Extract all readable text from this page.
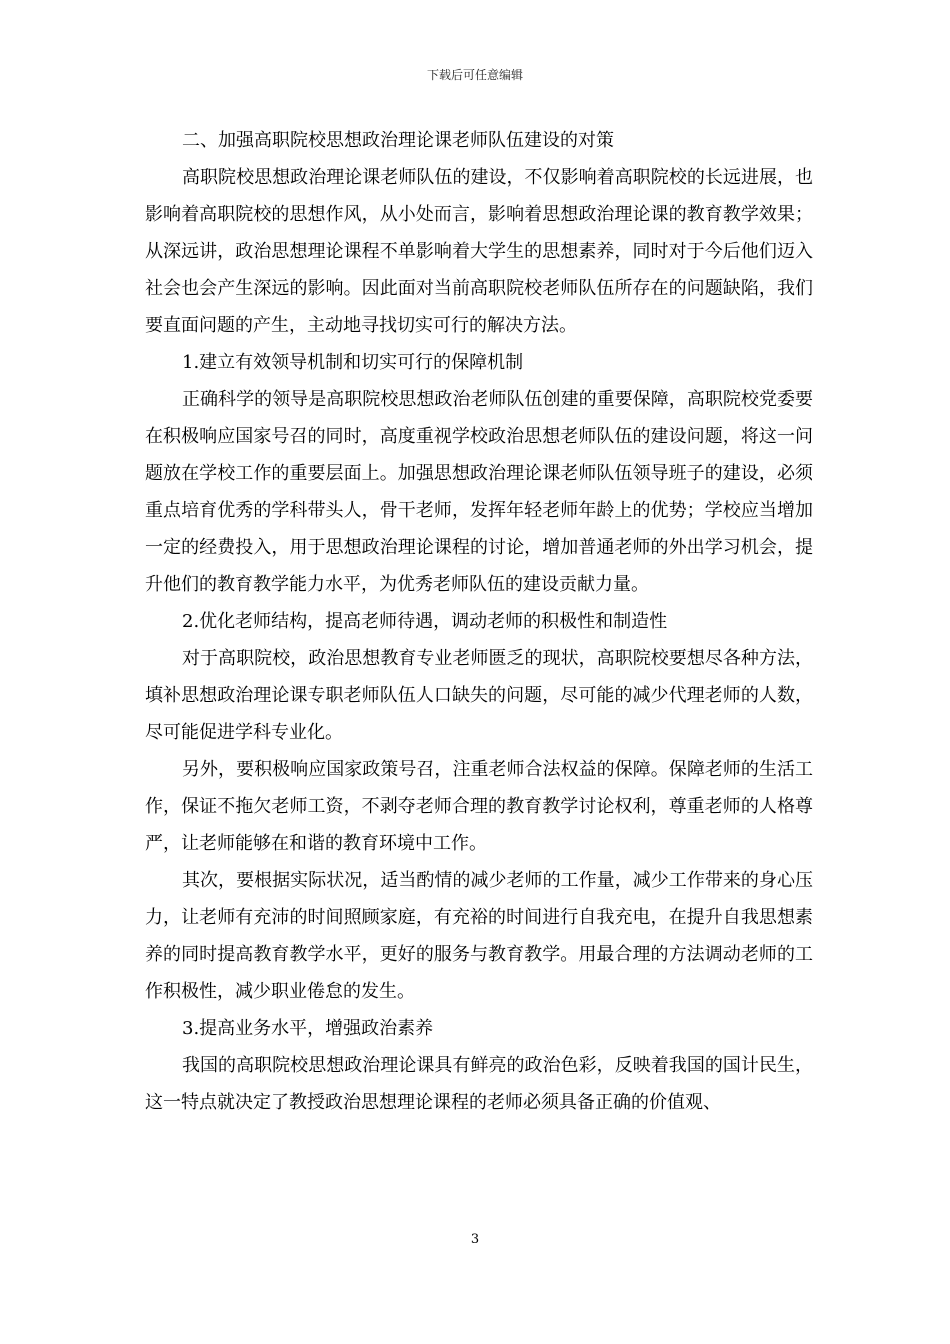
下载后可任意编辑

二、加强高职院校思想政治理论课老师队伍建设的对策

高职院校思想政治理论课老师队伍的建设，不仅影响着高职院校的长远进展，也影响着高职院校的思想作风，从小处而言，影响着思想政治理论课的教育教学效果；从深远讲，政治思想理论课程不单影响着大学生的思想素养，同时对于今后他们迈入社会也会产生深远的影响。因此面对当前高职院校老师队伍所存在的问题缺陷，我们要直面问题的产生，主动地寻找切实可行的解决方法。

1.建立有效领导机制和切实可行的保障机制

正确科学的领导是高职院校思想政治老师队伍创建的重要保障，高职院校党委要在积极响应国家号召的同时，高度重视学校政治思想老师队伍的建设问题，将这一问题放在学校工作的重要层面上。加强思想政治理论课老师队伍领导班子的建设，必须重点培育优秀的学科带头人，骨干老师，发挥年轻老师年龄上的优势；学校应当增加一定的经费投入，用于思想政治理论课程的讨论，增加普通老师的外出学习机会，提升他们的教育教学能力水平，为优秀老师队伍的建设贡献力量。

2.优化老师结构，提高老师待遇，调动老师的积极性和制造性

对于高职院校，政治思想教育专业老师匮乏的现状，高职院校要想尽各种方法，填补思想政治理论课专职老师队伍人口缺失的问题，尽可能的减少代理老师的人数，尽可能促进学科专业化。

另外，要积极响应国家政策号召，注重老师合法权益的保障。保障老师的生活工作，保证不拖欠老师工资，不剥夺老师合理的教育教学讨论权利，尊重老师的人格尊严，让老师能够在和谐的教育环境中工作。

其次，要根据实际状况，适当酌情的减少老师的工作量，减少工作带来的身心压力，让老师有充沛的时间照顾家庭，有充裕的时间进行自我充电，在提升自我思想素养的同时提高教育教学水平，更好的服务与教育教学。用最合理的方法调动老师的工作积极性，减少职业倦怠的发生。

3.提高业务水平，增强政治素养

我国的高职院校思想政治理论课具有鲜亮的政治色彩，反映着我国的国计民生，这一特点就决定了教授政治思想理论课程的老师必须具备正确的价值观、

3
